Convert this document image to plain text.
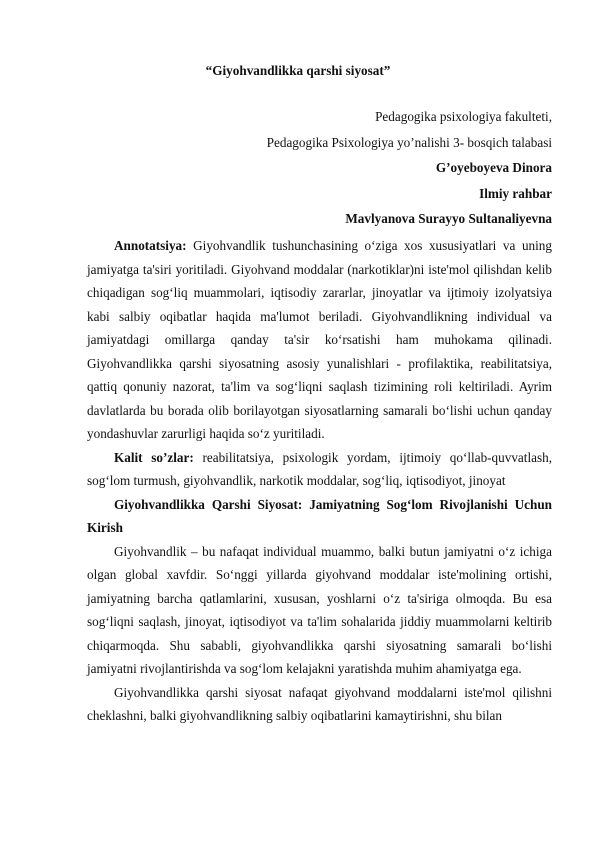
“Giyohvandlikka qarshi siyosat”
Pedagogika psixologiya fakulteti,
Pedagogika Psixologiya yo’nalishi 3- bosqich talabasi
G’oyeboyeva Dinora
Ilmiy rahbar
Mavlyanova Surayyo Sultanaliyevna

Annotatsiya: Giyohvandlik tushunchasining o‘ziga xos xususiyatlari va uning jamiyatga ta'siri yoritiladi. Giyohvand moddalar (narkotiklar)ni iste'mol qilishdan kelib chiqadigan sog‘liq muammolari, iqtisodiy zararlar, jinoyatlar va ijtimoiy izolyatsiya kabi salbiy oqibatlar haqida ma'lumot beriladi. Giyohvandlikning individual va jamiyatdagi omillarga qanday ta'sir ko‘rsatishi ham muhokama qilinadi. Giyohvandlikka qarshi siyosatning asosiy yunalishlari - profilaktika, reabilitatsiya, qattiq qonuniy nazorat, ta'lim va sog‘liqni saqlash tizimining roli keltiriladi. Ayrim davlatlarda bu borada olib borilayotgan siyosatlarning samarali bo‘lishi uchun qanday yondashuvlar zarurligi haqida so‘z yuritiladi.

Kalit so’zlar: reabilitatsiya, psixologik yordam, ijtimoiy qo‘llab-quvvatlash, sog‘lom turmush, giyohvandlik, narkotik moddalar, sog‘liq, iqtisodiyot, jinoyat

Giyohvandlikka Qarshi Siyosat: Jamiyatning Sog‘lom Rivojlanishi Uchun Kirish

Giyohvandlik – bu nafaqat individual muammo, balki butun jamiyatni o‘z ichiga olgan global xavfdir. So‘nggi yillarda giyohvand moddalar iste'molining ortishi, jamiyatning barcha qatlamlarini, xususan, yoshlarni o‘z ta'siriga olmoqda. Bu esa sog‘liqni saqlash, jinoyat, iqtisodiyot va ta'lim sohalarida jiddiy muammolarni keltirib chiqarmoqda. Shu sababli, giyohvandlikka qarshi siyosatning samarali bo‘lishi jamiyatni rivojlantirishda va sog‘lom kelajakni yaratishda muhim ahamiyatga ega.

Giyohvandlikka qarshi siyosat nafaqat giyohvand moddalarni iste'mol qilishni cheklashni, balki giyohvandlikning salbiy oqibatlarini kamaytirishni, shu bilan
